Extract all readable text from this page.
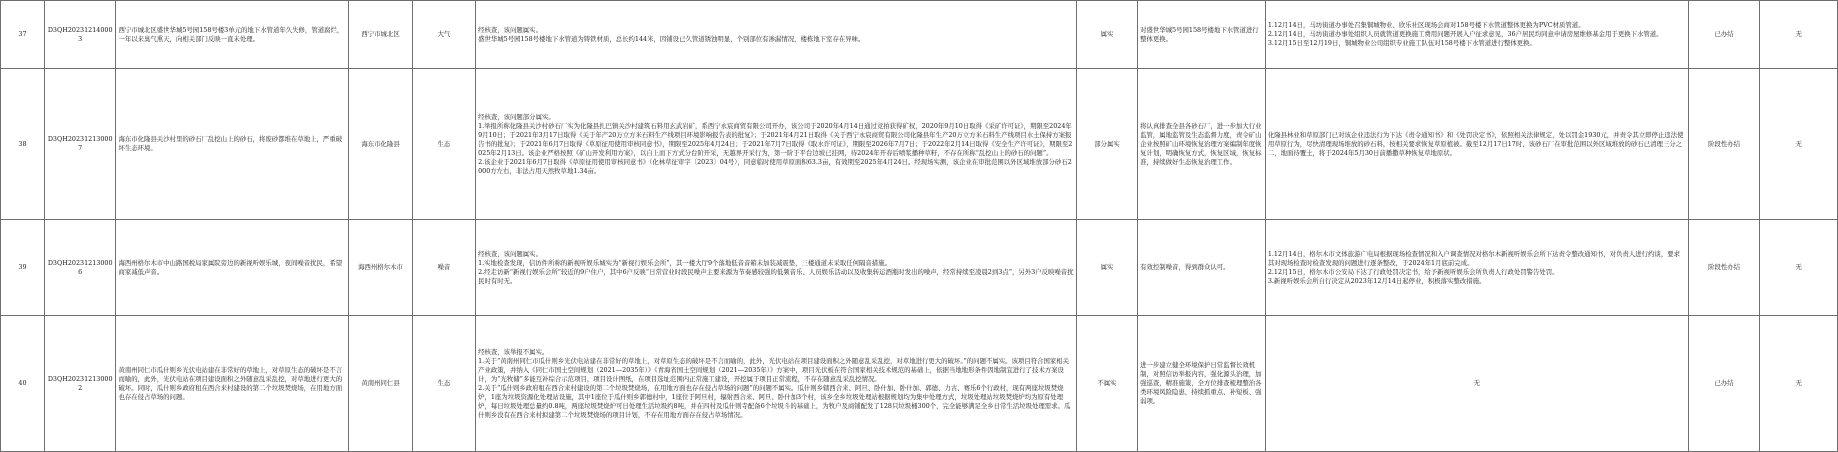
37	D3QH202312140003	西宁市城北区盛世华城5号园158号楼3单元的地下水管道年久失修，管道腐烂，一年以来臭气熏天，向相关部门反映一直未处理。	西宁市城北区	大气	经核查，该问题属实。
盛世华城5号园158号楼地下水管道为铸铁材质，总长约144米，因铺设已久管道锈蚀明显，个别部位有渗漏情况，楼栋地下室存在异味。	属实	对盛世华城5号园158号楼地下水管道进行整体更换。	1.12月14日，马坊街道办事处召集铜城物业、欣乐社区现场会商对158号楼下水管道整体更换为PVC材质管道。
2.12月14日，马坊街道办事处组织人员就管道更换施工费用问题开展入户征求意见，36户居民均同意申请房屋维修基金用于更换下水管道。
3.12月15日至12月19日，铜城物业公司组织专业施工队伍对158号楼下水管道进行整体更换。	已办结	无
38	D3QH202312130007	海东市化隆县关沙村里的砂石厂乱挖山上的砂石，将废砂都堆在草地上，严重破坏生态环境。	海东市化隆县	生态	经核查，该问题部分属实。
1.举报所称化隆县关沙村砂石厂实为化隆县扎巴镇关沙村建筑石料用玄武岩矿，系西宁永宸商贸有限公司开办，该公司于2020年4月14日通过竞拍获得矿权，2020年9月10日取得《采矿许可证》，期限至2024年9月10日；于2021年3月17日取得《关于年产20万立方米石料生产线项目环境影响报告表的批复》；于2021年4月21日取得《关于西宁永宸商贸有限公司化隆县年生产20万立方米石料生产线项目水土保持方案报告书的批复》；于2021年6月7日取得《草原征用使用审核同意书》，期限至2025年4月24日；于2021年7月7日取得《取水许可证》，期限至2026年7月7日；于2022年2月14日取得《安全生产许可证》，期限至2025年2月13日。该企业严格按照《矿山开发利用方案》，以自上而下方式分台阶开采，无越界开采行为，第一阶于平台边坡已挂网，待2024年开春后喷浆播种草籽，不存在所称“乱挖山上的砂石的问题”。
2.该企业于2021年6月7日取得《草原征用使用审核同意书》（化林草征审字〔2023〕04号），同意临时使用草原面积63.3亩，有效期至2025年4月24日。经现场实测，该企业在审批范围以外区域堆放部分砂石2000方左右，非法占用天然牧草地1.34亩。	部分属实	将认真排查全县各砂石厂，进一步加大行业监管，属地监管及生态监督力度，责令矿山企业按照矿山环境恢复治理方案编制年度恢复计划，明确恢复方式，恢复区域，恢复标准，持续做好生态恢复治理工作。	化隆县林业和草原部门已对该企业违法行为下达《责令通知书》和《处罚决定书》，依照相关法律规定，处以罚金1930元，并责令其立即停止违法使用草原行为，尽快清理现场堆放的砂石料，按相关要求恢复草原植被。截至12月17日17时，该砂石厂在审批范围以外区域堆放的砂石已清理三分之二，地面待覆土，将于2024年5月30日前播撒草种恢复草地原状。	阶段性办结	无
39	D3QH202312130006	海西州格尔木市中山路国税局家属院旁边的新视听娱乐城，夜间噪音扰民，希望商家减低声音。	海西州格尔木市	噪音	经核查，该问题属实。
1.实地检查发现，信访件所称的新视听娱乐城实为“新视行娱乐会所”，其一楼大厅9个落地低音音箱未加装减震垫，三楼通道未采取任何隔音措施。
2.经走访新“新视行娱乐会所”较近的9户住户，其中6户反映“日常营业时段民噪声主要来源为节奏感较强的低频音乐、人员娱乐活动以及收集转运酒瓶时发出的噪声，经常持续至凌晨2到3点”，另外3户反映噪音扰民时有时无。	属实	有效控制噪音，得到群众认可。	1.12月14日，格尔木市文体旅游广电局根据现场检查情况和入户调查情况对格尔木新视听娱乐会所下达责令整改通知书，对负责人进行约谈，要求其对现场检查时检查发现的问题进行逐条整改，于2024年1月底前完成。
2.12月15日，格尔木市公安局下达了行政处罚决定书，给予新视听娱乐会所负责人行政处罚警告处罚。
3.新视听娱乐会所自行决定从2023年12月14日起停业，积极落实整改措施。	阶段性办结	无
40	D3QH202312130002	黄南州同仁市瓜什则乡光伏电站建在非常好的草地上，对草原生态的破坏是不言而喻的，此外，光伏电站在项目建设面积之外随意乱采乱挖，对草地进行更大的破坏。同时，瓜什则乡政府租在西合来村建设的第二个垃圾焚烧场，在用地方面也存在侵占草场的问题。	黄南州同仁县	生态	经核查，该举报不属实。
1.关于“黄南州同仁市瓜什则乡光伏电站建在非常好的草地上，对草原生态的破坏是不言而喻的，此外，光伏电站在项目建设面积之外随意乱采乱挖，对草地进行更大的破坏。”的问题不属实。该项目符合国家相关产业政策，并纳入《同仁市国土空间规划（2021—2035年）》《青海省国土空间规划（2021—2035年）》方案中，项目光伏板在符合国家相关技术规范的基础上，依据当地地形条件因地制宜进行了技术方案设计，为“光牧储”多能互补综合示范项目，项目设计图纸，在项目选址范围内正常施工建设，开挖属于项目正常流程，不存在随意乱采乱挖情况。
2.关于“瓜什则乡政府租在西合来村建设的第二个垃圾焚烧场，在用地方面也存在侵占草场的问题”的问题不属实。瓜什则乡辖西合来、阿旦、卧什加、卧什加、郭德、力古、赛乐6个行政村，现有两座垃圾焚烧炉，1座为垃圾资源化处理站设施，其中1座位于瓜什则乡郭德村中，1座位于阿旦村，辐射西合来、阿旦、卧什加3个村，该乡全乡垃圾处理站根据规划均为集中处理方式，垃圾处理站垃圾焚烧炉均为原有处理炉，每日垃圾处理总量约0.8吨，两座垃圾焚烧炉可日处理生活垃圾约8吨，并在四村及瓜什则寺配备6个垃圾斗的基础上，为牧户及商铺配发了128只垃圾桶300个，完全能够满足全乡日常生活垃圾处理需求。瓜什则乡没有在西合来村拟建第二个垃圾焚烧场的项目计划，不存在用地方面存在侵占草场情况。	不属实	进一步建立健全环境保护日常监督长效机制，对照信访举报内容，强化源头治理，加强巡查，精准施策，全方位排查梳理整治各类环境风险隐患，持续抓重点、补短板、强弱项。	无	已办结	无
